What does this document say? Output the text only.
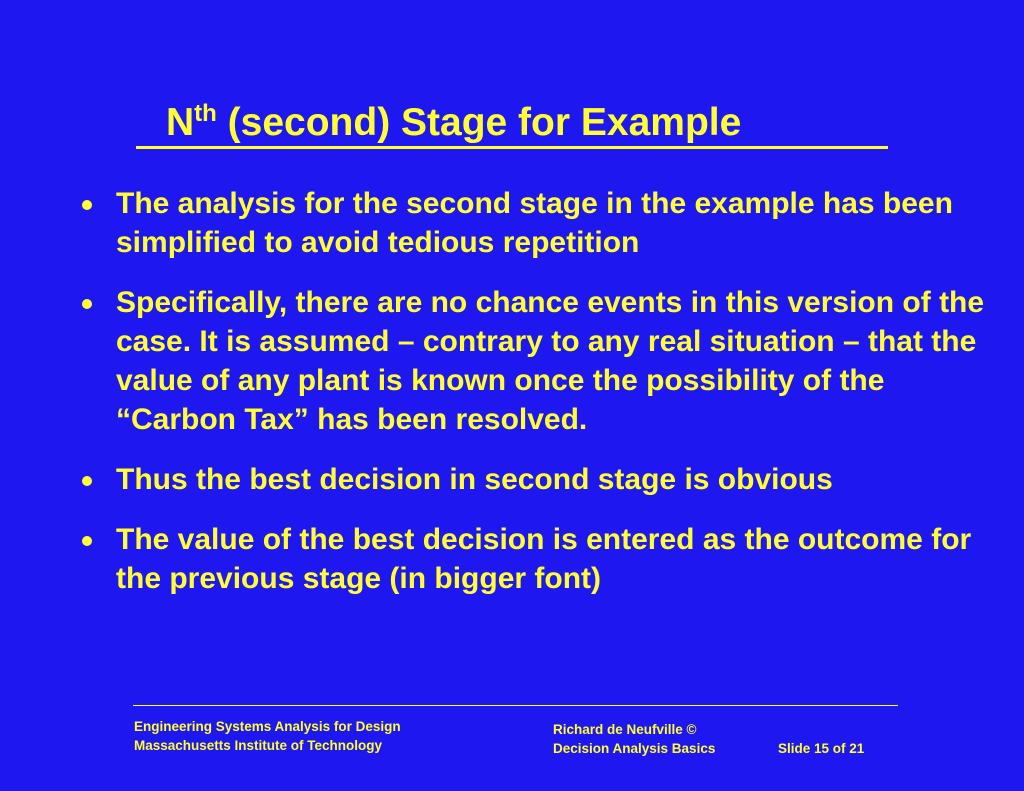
$N^{th}$ (second) Stage for Example
The analysis for the second stage in the example has been simplified to avoid tedious repetition
Specifically, there are no chance events in this version of the case. It is assumed – contrary to any real situation – that the value of any plant is known once the possibility of the “Carbon Tax” has been resolved.
Thus the best decision in second stage is obvious
The value of the best decision is entered as the outcome for the previous stage (in bigger font)
Engineering Systems Analysis for Design
Massachusetts Institute of Technology
Richard de Neufville ©
Decision Analysis Basics	Slide 15 of 21
